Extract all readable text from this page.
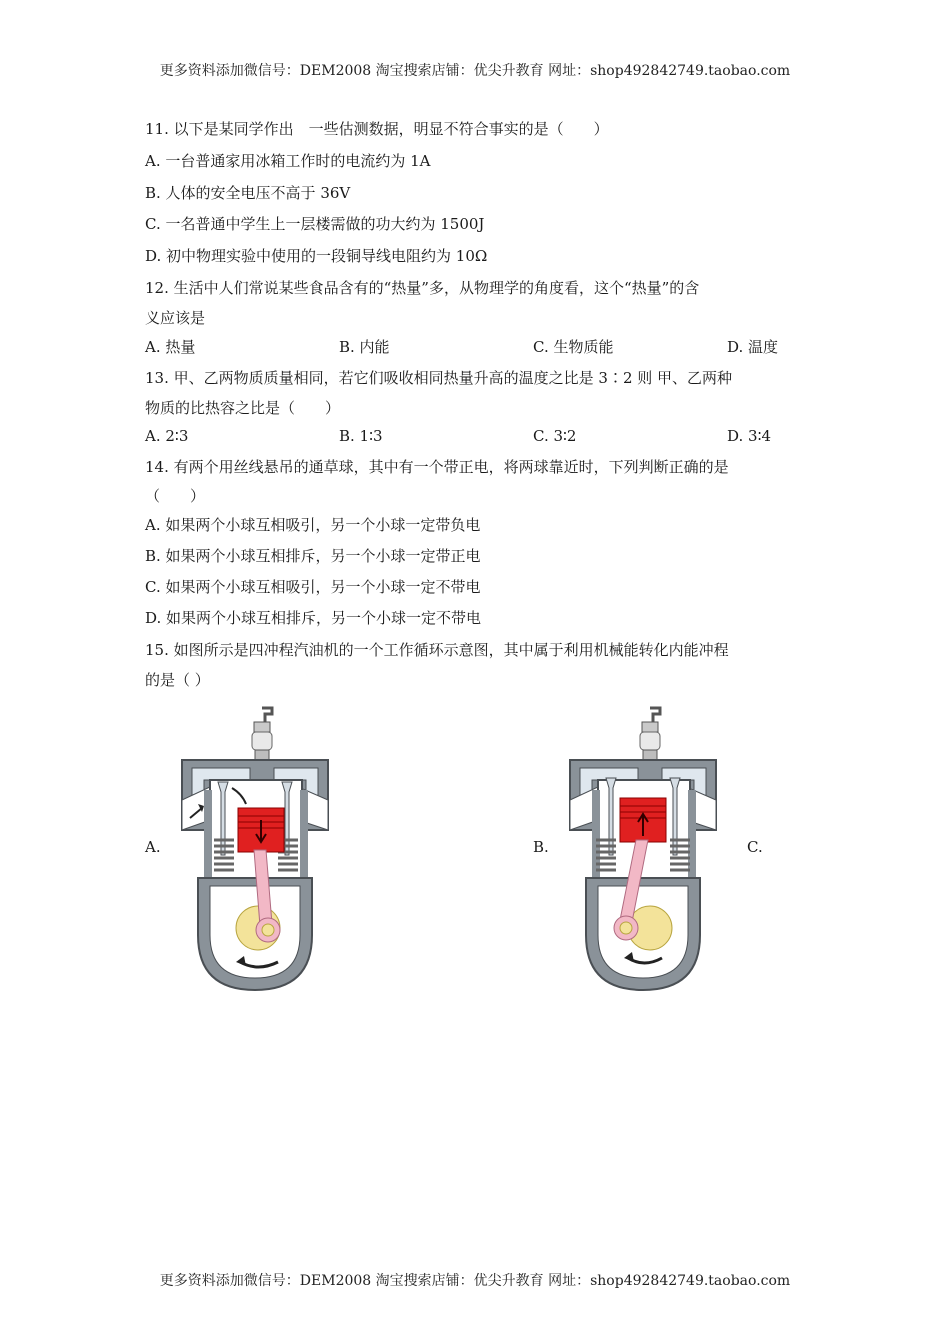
更多资料添加微信号：DEM2008 淘宝搜索店铺：优尖升教育 网址：shop492842749.taobao.com
11. 以下是某同学作出　一些估测数据，明显不符合事实的是（　　）
A. 一台普通家用冰箱工作时的电流约为 1A
B. 人体的安全电压不高于 36V
C. 一名普通中学生上一层楼需做的功大约为 1500J
D. 初中物理实验中使用的一段铜导线电阻约为 10Ω
12. 生活中人们常说某些食品含有的“热量”多，从物理学的角度看，这个“热量”的含
义应该是
A. 热量	B. 内能	C. 生物质能	D. 温度
13. 甲、乙两物质质量相同，若它们吸收相同热量升高的温度之比是 3∶2 则 甲、乙两种
物质的比热容之比是（　　）
A. 2∶3	B. 1∶3	C. 3∶2	D. 3∶4
14. 有两个用丝线悬吊的通草球，其中有一个带正电，将两球靠近时，下列判断正确的是
（　　）
A. 如果两个小球互相吸引，另一个小球一定带负电
B. 如果两个小球互相排斥，另一个小球一定带正电
C. 如果两个小球互相吸引，另一个小球一定不带电
D. 如果两个小球互相排斥，另一个小球一定不带电
15. 如图所示是四冲程汽油机的一个工作循环示意图，其中属于利用机械能转化内能冲程
的是（ ）
A.	B.	C.
更多资料添加微信号：DEM2008 淘宝搜索店铺：优尖升教育 网址：shop492842749.taobao.com
